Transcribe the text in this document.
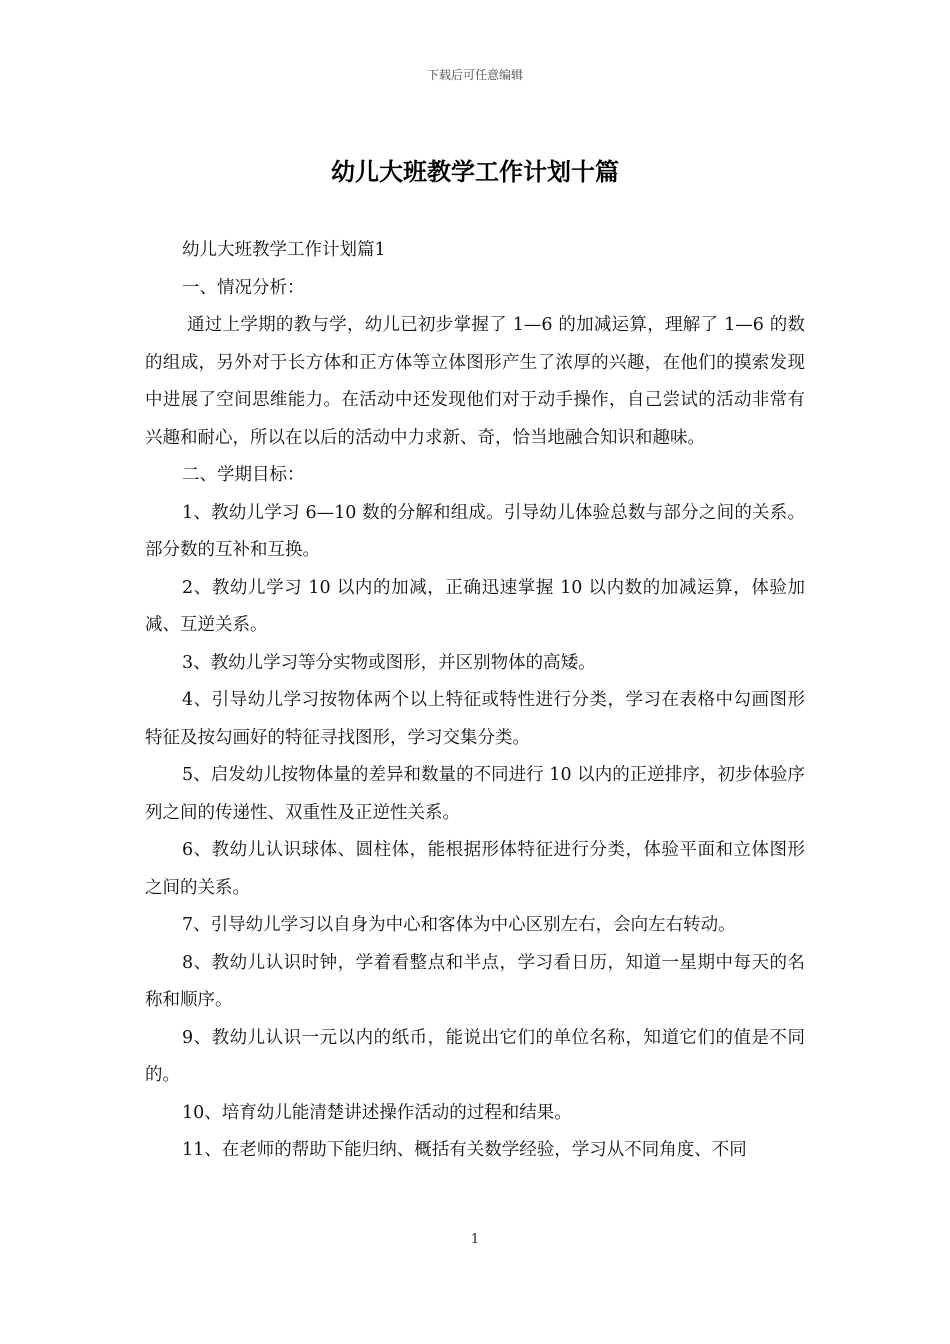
下载后可任意编辑
幼儿大班教学工作计划十篇

幼儿大班教学工作计划篇1

一、情况分析：

通过上学期的教与学，幼儿已初步掌握了 1—6 的加减运算，理解了 1—6 的数的组成，另外对于长方体和正方体等立体图形产生了浓厚的兴趣，在他们的摸索发现中进展了空间思维能力。在活动中还发现他们对于动手操作，自己尝试的活动非常有兴趣和耐心，所以在以后的活动中力求新、奇，恰当地融合知识和趣味。

二、学期目标：

1、教幼儿学习 6—10 数的分解和组成。引导幼儿体验总数与部分之间的关系。部分数的互补和互换。

2、教幼儿学习 10 以内的加减，正确迅速掌握 10 以内数的加减运算，体验加减、互逆关系。

3、教幼儿学习等分实物或图形，并区别物体的高矮。

4、引导幼儿学习按物体两个以上特征或特性进行分类，学习在表格中勾画图形特征及按勾画好的特征寻找图形，学习交集分类。

5、启发幼儿按物体量的差异和数量的不同进行 10 以内的正逆排序，初步体验序列之间的传递性、双重性及正逆性关系。

6、教幼儿认识球体、圆柱体，能根据形体特征进行分类，体验平面和立体图形之间的关系。

7、引导幼儿学习以自身为中心和客体为中心区别左右，会向左右转动。

8、教幼儿认识时钟，学着看整点和半点，学习看日历，知道一星期中每天的名称和顺序。

9、教幼儿认识一元以内的纸币，能说出它们的单位名称，知道它们的值是不同的。

10、培育幼儿能清楚讲述操作活动的过程和结果。

11、在老师的帮助下能归纳、概括有关数学经验，学习从不同角度、不同

1
